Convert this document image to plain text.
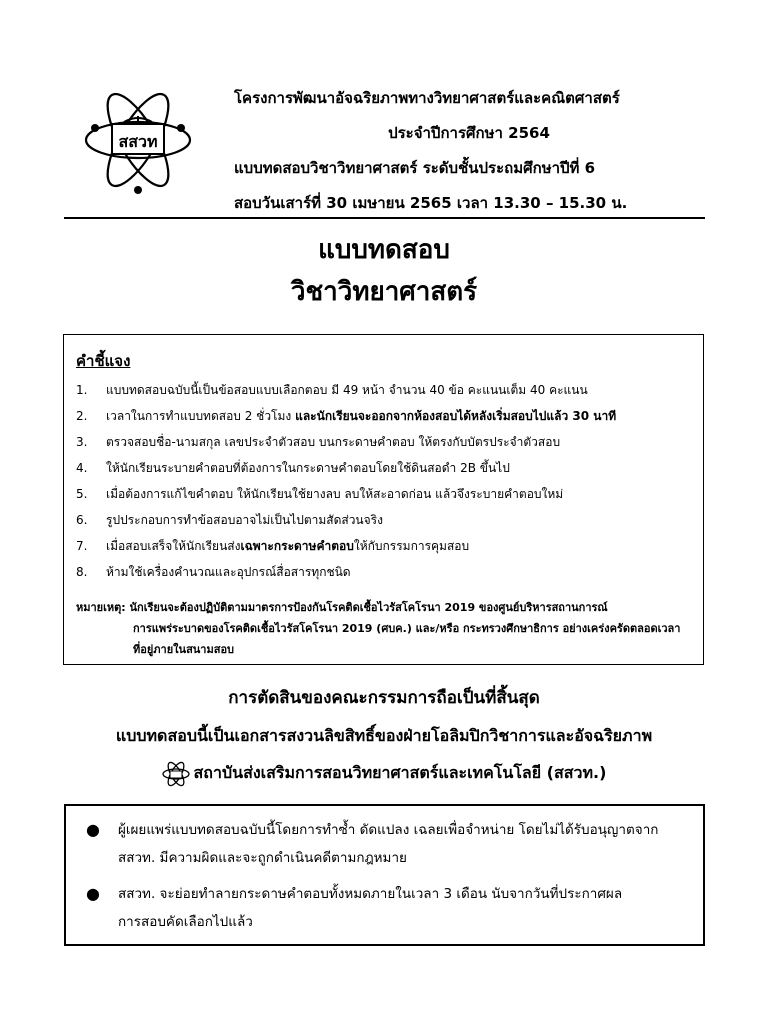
สสวท
โครงการพัฒนาอัจฉริยภาพทางวิทยาศาสตร์และคณิตศาสตร์
ประจำปีการศึกษา 2564
แบบทดสอบวิชาวิทยาศาสตร์ ระดับชั้นประถมศึกษาปีที่ 6
สอบวันเสาร์ที่ 30 เมษายน 2565 เวลา 13.30 – 15.30 น.
แบบทดสอบ
วิชาวิทยาศาสตร์
คำชี้แจง
1. แบบทดสอบฉบับนี้เป็นข้อสอบแบบเลือกตอบ มี 49 หน้า จำนวน 40 ข้อ คะแนนเต็ม 40 คะแนน
2. เวลาในการทำแบบทดสอบ 2 ชั่วโมง และนักเรียนจะออกจากห้องสอบได้หลังเริ่มสอบไปแล้ว 30 นาที
3. ตรวจสอบชื่อ-นามสกุล เลขประจำตัวสอบ บนกระดาษคำตอบ ให้ตรงกับบัตรประจำตัวสอบ
4. ให้นักเรียนระบายคำตอบที่ต้องการในกระดาษคำตอบโดยใช้ดินสอดำ 2B ขึ้นไป
5. เมื่อต้องการแก้ไขคำตอบ ให้นักเรียนใช้ยางลบ ลบให้สะอาดก่อน แล้วจึงระบายคำตอบใหม่
6. รูปประกอบการทำข้อสอบอาจไม่เป็นไปตามสัดส่วนจริง
7. เมื่อสอบเสร็จให้นักเรียนส่งเฉพาะกระดาษคำตอบให้กับกรรมการคุมสอบ
8. ห้ามใช้เครื่องคำนวณและอุปกรณ์สื่อสารทุกชนิด
หมายเหตุ: นักเรียนจะต้องปฏิบัติตามมาตรการป้องกันโรคติดเชื้อไวรัสโคโรนา 2019 ของศูนย์บริหารสถานการณ์
การแพร่ระบาดของโรคติดเชื้อไวรัสโคโรนา 2019 (ศบค.) และ/หรือ กระทรวงศึกษาธิการ อย่างเคร่งครัดตลอดเวลา
ที่อยู่ภายในสนามสอบ
การตัดสินของคณะกรรมการถือเป็นที่สิ้นสุด
แบบทดสอบนี้เป็นเอกสารสงวนลิขสิทธิ์ของฝ่ายโอลิมปิกวิชาการและอัจฉริยภาพ
สถาบันส่งเสริมการสอนวิทยาศาสตร์และเทคโนโลยี (สสวท.)
●	ผู้เผยแพร่แบบทดสอบฉบับนี้โดยการทำซ้ำ ดัดแปลง เฉลยเพื่อจำหน่าย โดยไม่ได้รับอนุญาตจาก
สสวท. มีความผิดและจะถูกดำเนินคดีตามกฎหมาย
●	สสวท. จะย่อยทำลายกระดาษคำตอบทั้งหมดภายในเวลา 3 เดือน นับจากวันที่ประกาศผล
การสอบคัดเลือกไปแล้ว
